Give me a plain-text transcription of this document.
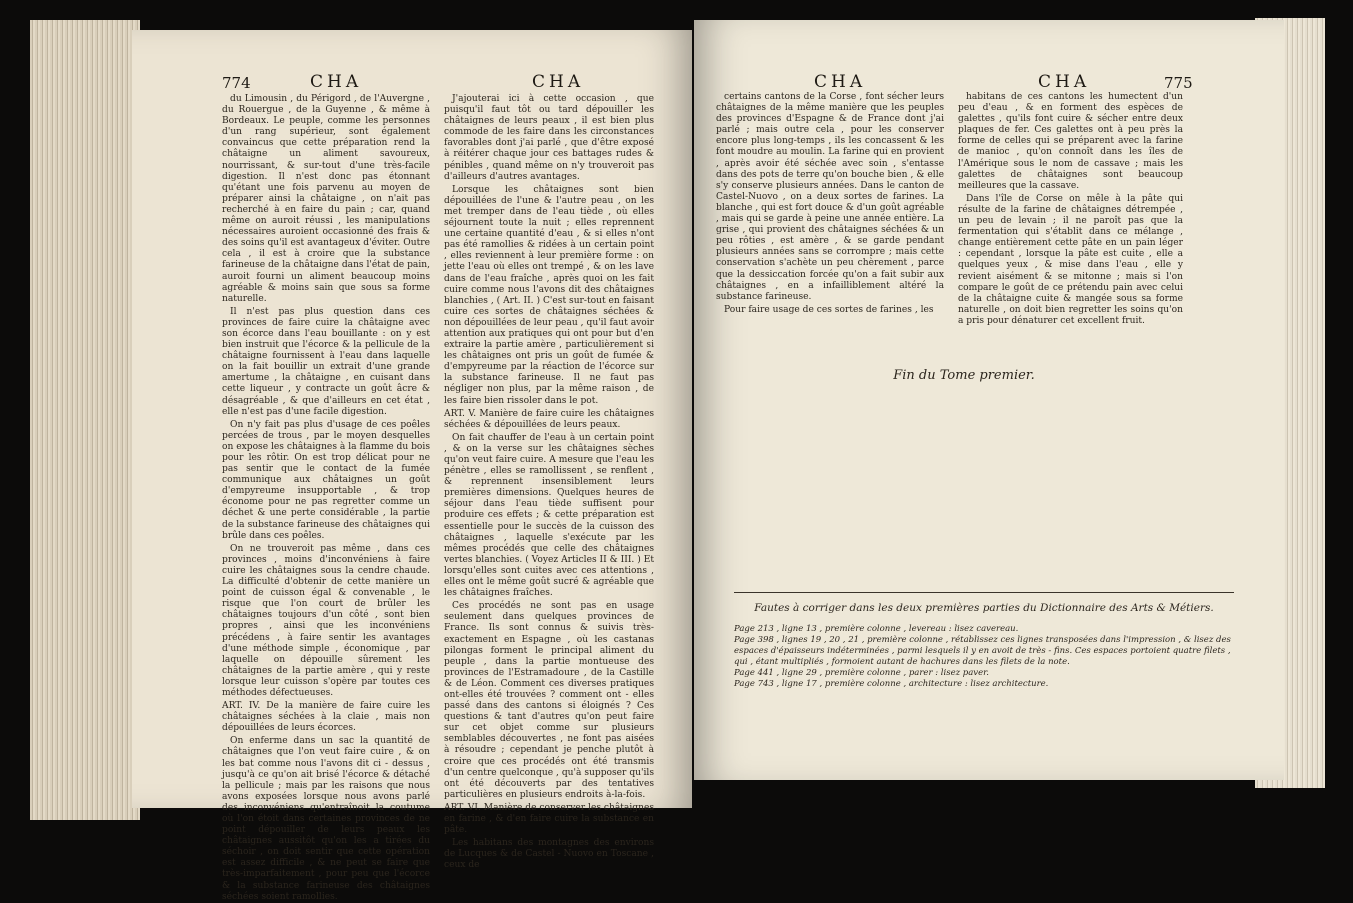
774	CHA	CHA

du Limousin , du Périgord , de l'Auvergne , du Rouergue , de la Guyenne , & même à Bordeaux. Le peuple, comme les personnes d'un rang supérieur, sont également convaincus que cette préparation rend la châtaigne un aliment savoureux, nourrissant, & sur-tout d'une très-facile digestion. Il n'est donc pas étonnant qu'étant une fois parvenu au moyen de préparer ainsi la châtaigne , on n'ait pas recherché à en faire du pain ; car, quand même on auroit réussi , les manipulations nécessaires auroient occasionné des frais & des soins qu'il est avantageux d'éviter. Outre cela , il est à croire que la substance farineuse de la châtaigne dans l'état de pain, auroit fourni un aliment beaucoup moins agréable & moins sain que sous sa forme naturelle.

Il n'est pas plus question dans ces provinces de faire cuire la châtaigne avec son écorce dans l'eau bouillante : on y est bien instruit que l'écorce & la pellicule de la châtaigne fournissent à l'eau dans laquelle on la fait bouillir un extrait d'une grande amertume , la châtaigne , en cuisant dans cette liqueur , y contracte un goût âcre & désagréable , & que d'ailleurs en cet état , elle n'est pas d'une facile digestion.

On n'y fait pas plus d'usage de ces poêles percées de trous , par le moyen desquelles on expose les châtaignes à la flamme du bois pour les rôtir. On est trop délicat pour ne pas sentir que le contact de la fumée communique aux châtaignes un goût d'empyreume insupportable , & trop économe pour ne pas regretter comme un déchet & une perte considérable , la partie de la substance farineuse des châtaignes qui brûle dans ces poêles.

On ne trouveroit pas même , dans ces provinces , moins d'inconvéniens à faire cuire les châtaignes sous la cendre chaude. La difficulté d'obtenir de cette manière un point de cuisson égal & convenable , le risque que l'on court de brûler les châtaignes toujours d'un côté , sont bien propres , ainsi que les inconvéniens précédens , à faire sentir les avantages d'une méthode simple , économique , par laquelle on dépouille sûrement les châtaignes de la partie amère , qui y reste lorsque leur cuisson s'opère par toutes ces méthodes défectueuses.

ART. IV. De la manière de faire cuire les châtaignes séchées à la claie , mais non dépouillées de leurs écorces.

On enferme dans un sac la quantité de châtaignes que l'on veut faire cuire , & on les bat comme nous l'avons dit ci - dessus , jusqu'à ce qu'on ait brisé l'écorce & détaché la pellicule ; mais par les raisons que nous avons exposées lorsque nous avons parlé des inconvéniens qu'entraînoit la coutume où l'on étoit dans certaines provinces de ne point dépouiller de leurs peaux les châtaignes aussitôt qu'on les a tirées du séchoir , on doit sentir que cette opération est assez difficile , & ne peut se faire que très-imparfaitement , pour peu que l'écorce & la substance farineuse des châtaignes séchées soient ramollies.

J'ajouterai ici à cette occasion , que puisqu'il faut tôt ou tard dépouiller les châtaignes de leurs peaux , il est bien plus commode de les faire dans les circonstances favorables dont j'ai parlé , que d'être exposé à réitérer chaque jour ces battages rudes & pénibles , quand même on n'y trouveroit pas d'ailleurs d'autres avantages.

Lorsque les châtaignes sont bien dépouillées de l'une & l'autre peau , on les met tremper dans de l'eau tiède , où elles séjournent toute la nuit ; elles reprennent une certaine quantité d'eau , & si elles n'ont pas été ramollies & ridées à un certain point , elles reviennent à leur première forme : on jette l'eau où elles ont trempé , & on les lave dans de l'eau fraîche , après quoi on les fait cuire comme nous l'avons dit des châtaignes blanchies , ( Art. II. ) C'est sur-tout en faisant cuire ces sortes de châtaignes séchées & non dépouillées de leur peau , qu'il faut avoir attention aux pratiques qui ont pour but d'en extraire la partie amère , particulièrement si les châtaignes ont pris un goût de fumée & d'empyreume par la réaction de l'écorce sur la substance farineuse. Il ne faut pas négliger non plus, par la même raison , de les faire bien rissoler dans le pot.

ART. V. Manière de faire cuire les châtaignes séchées & dépouillées de leurs peaux.

On fait chauffer de l'eau à un certain point , & on la verse sur les châtaignes sèches qu'on veut faire cuire. A mesure que l'eau les pénètre , elles se ramollissent , se renflent , & reprennent insensiblement leurs premières dimensions. Quelques heures de séjour dans l'eau tiède suffisent pour produire ces effets ; & cette préparation est essentielle pour le succès de la cuisson des châtaignes , laquelle s'exécute par les mêmes procédés que celle des châtaignes vertes blanchies. ( Voyez Articles II & III. ) Et lorsqu'elles sont cuites avec ces attentions , elles ont le même goût sucré & agréable que les châtaignes fraîches.

Ces procédés ne sont pas en usage seulement dans quelques provinces de France. Ils sont connus & suivis très-exactement en Espagne , où les castanas pilongas forment le principal aliment du peuple , dans la partie montueuse des provinces de l'Estramadoure , de la Castille & de Léon. Comment ces diverses pratiques ont-elles été trouvées ? comment ont - elles passé dans des cantons si éloignés ? Ces questions & tant d'autres qu'on peut faire sur cet objet comme sur plusieurs semblables découvertes , ne font pas aisées à résoudre ; cependant je penche plutôt à croire que ces procédés ont été transmis d'un centre quelconque , qu'à supposer qu'ils ont été découverts par des tentatives particulières en plusieurs endroits à-la-fois.

ART. VI. Manière de conserver les châtaignes en farine , & d'en faire cuire la substance en pâte.

Les habitans des montagnes des environs de Lucques & de Castel - Nuovo en Toscane , ceux de

CHA	CHA	775

certains cantons de la Corse , font sécher leurs châtaignes de la même manière que les peuples des provinces d'Espagne & de France dont j'ai parlé ; mais outre cela , pour les conserver encore plus long-temps , ils les concassent & les font moudre au moulin. La farine qui en provient , après avoir été séchée avec soin , s'entasse dans des pots de terre qu'on bouche bien , & elle s'y conserve plusieurs années. Dans le canton de Castel-Nuovo , on a deux sortes de farines. La blanche , qui est fort douce & d'un goût agréable , mais qui se garde à peine une année entière. La grise , qui provient des châtaignes séchées & un peu rôties , est amère , & se garde pendant plusieurs années sans se corrompre ; mais cette conservation s'achète un peu chèrement , parce que la dessiccation forcée qu'on a fait subir aux châtaignes , en a infailliblement altéré la substance farineuse.

Pour faire usage de ces sortes de farines , les

habitans de ces cantons les humectent d'un peu d'eau , & en forment des espèces de galettes , qu'ils font cuire & sécher entre deux plaques de fer. Ces galettes ont à peu près la forme de celles qui se préparent avec la farine de manioc , qu'on connoît dans les îles de l'Amérique sous le nom de cassave ; mais les galettes de châtaignes sont beaucoup meilleures que la cassave.

Dans l'île de Corse on mêle à la pâte qui résulte de la farine de châtaignes détrempée , un peu de levain ; il ne paroît pas que la fermentation qui s'établit dans ce mélange , change entièrement cette pâte en un pain léger : cependant , lorsque la pâte est cuite , elle a quelques yeux , & mise dans l'eau , elle y revient aisément & se mitonne ; mais si l'on compare le goût de ce prétendu pain avec celui de la châtaigne cuite & mangée sous sa forme naturelle , on doit bien regretter les soins qu'on a pris pour dénaturer cet excellent fruit.

Fin du Tome premier.
Fautes à corriger dans les deux premières parties du Dictionnaire des Arts & Métiers.
Page 213 , ligne 13 , première colonne , levereau : lisez cavereau.
Page 398 , lignes 19 , 20 , 21 , première colonne , rétablissez ces lignes transposées dans l'impression , & lisez des espaces d'épaisseurs indéterminées , parmi lesquels il y en avoit de très - fins. Ces espaces portoient quatre filets , qui , étant multipliés , formoient autant de hachures dans les filets de la note.
Page 441 , ligne 29 , première colonne , parer : lisez paver.
Page 743 , ligne 17 , première colonne , architecture : lisez architecture.
